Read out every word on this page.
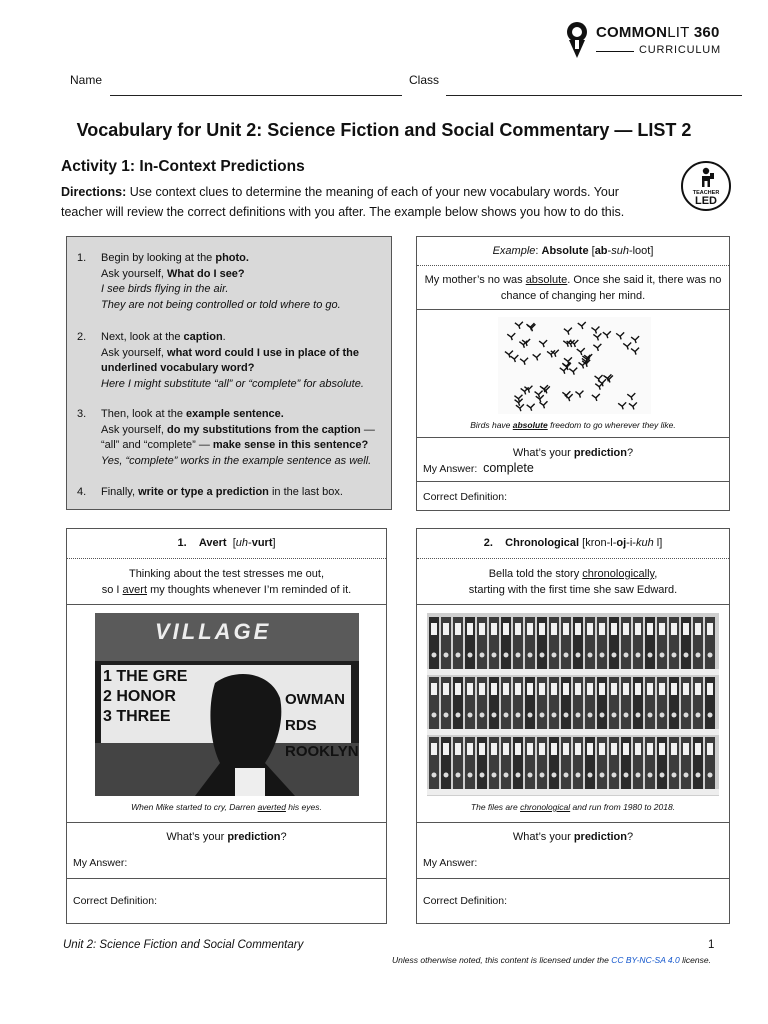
COMMONLIT 360
CURRICULUM
Name	Class
Vocabulary for Unit 2: Science Fiction and Social Commentary — LIST 2
Activity 1: In-Context Predictions
Directions: Use context clues to determine the meaning of each of your new vocabulary words. Your teacher will review the correct definitions with you after. The example below shows you how to do this.
TEACHER
LED
1.	Begin by looking at the photo.
Ask yourself, What do I see?
I see birds flying in the air.
They are not being controlled or told where to go.
2.	Next, look at the caption.
Ask yourself, what word could I use in place of the
underlined vocabulary word?
Here I might substitute “all” or “complete” for absolute.
3.	Then, look at the example sentence.
Ask yourself, do my substitutions from the caption —
“all” and “complete” — make sense in this sentence?
Yes, “complete” works in the example sentence as well.
4.	Finally, write or type a prediction in the last box.
Example: Absolute [ab-suh-loot]
My mother’s no was absolute. Once she said it, there was no
chance of changing her mind.
Birds have absolute freedom to go wherever they like.
What’s your prediction?
My Answer: complete
Correct Definition:
1. Avert [uh-vurt]
Thinking about the test stresses me out,
so I avert my thoughts whenever I’m reminded of it.
VILLAGE
1 THE GRE
2 HONOR
3 THREE
OWMAN
RDS
ROOKLYN
When Mike started to cry, Darren averted his eyes.
What’s your prediction?
My Answer:
Correct Definition:
2. Chronological [kron-l-oj-i-kuh l]
Bella told the story chronologically,
starting with the first time she saw Edward.
The files are chronological and run from 1980 to 2018.
What’s your prediction?
My Answer:
Correct Definition:
Unit 2: Science Fiction and Social Commentary	1
Unless otherwise noted, this content is licensed under the CC BY-NC-SA 4.0 license.
